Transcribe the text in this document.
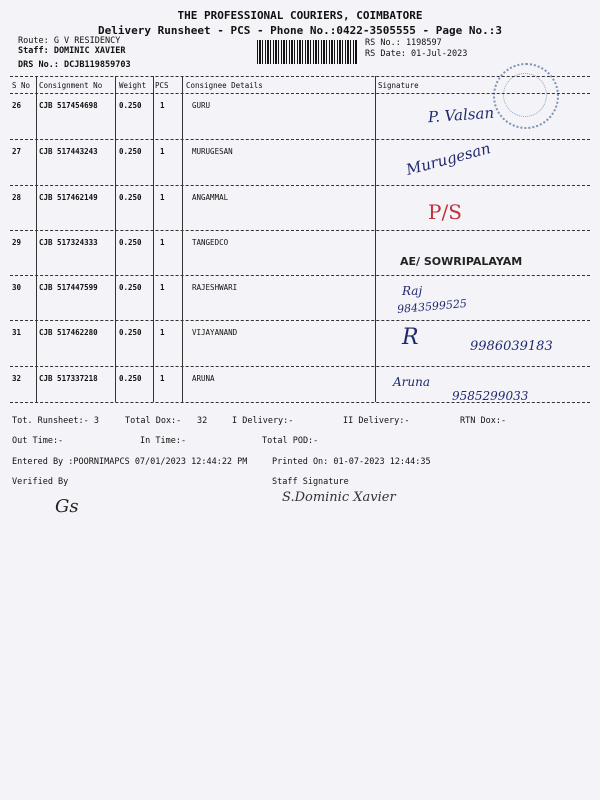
THE PROFESSIONAL COURIERS, COIMBATORE
Delivery Runsheet - PCS - Phone No.:0422-3505555 - Page No.:3
Route: G V RESIDENCY
Staff: DOMINIC XAVIER
DRS No.: DCJB119859703
RS No.: 1198597
RS Date: 01-Jul-2023
S No Consignment No Weight PCS Consignee Details	Signature
26 CJB 517454698	0.250 1	GURU	P. Valsan
27 CJB 517443243	0.250 1	MURUGESAN	Murugesan
28 CJB 517462149	0.250 1	ANGAMMAL
P/S
29 CJB 517324333	0.250 1	TANGEDCO
AE/ SOWRIPALAYAM
30 CJB 517447599	0.250 1	RAJESHWARI	Raj
9843599525
31 CJB 517462280	0.250 1	VIJAYANAND	R	9986039183
32 CJB 517337218	0.250 1	ARUNA	Aruna
9585299033
Tot. Runsheet:- 3	Total Dox:- 32	I Delivery:-	II Delivery:-	RTN Dox:-
Out Time:-	In Time:-	Total POD:-
Entered By :POORNIMAPCS 07/01/2023 12:44:22 PM	Printed On: 01-07-2023 12:44:35
Verified By	Staff Signature
Gs	S.Dominic Xavier
